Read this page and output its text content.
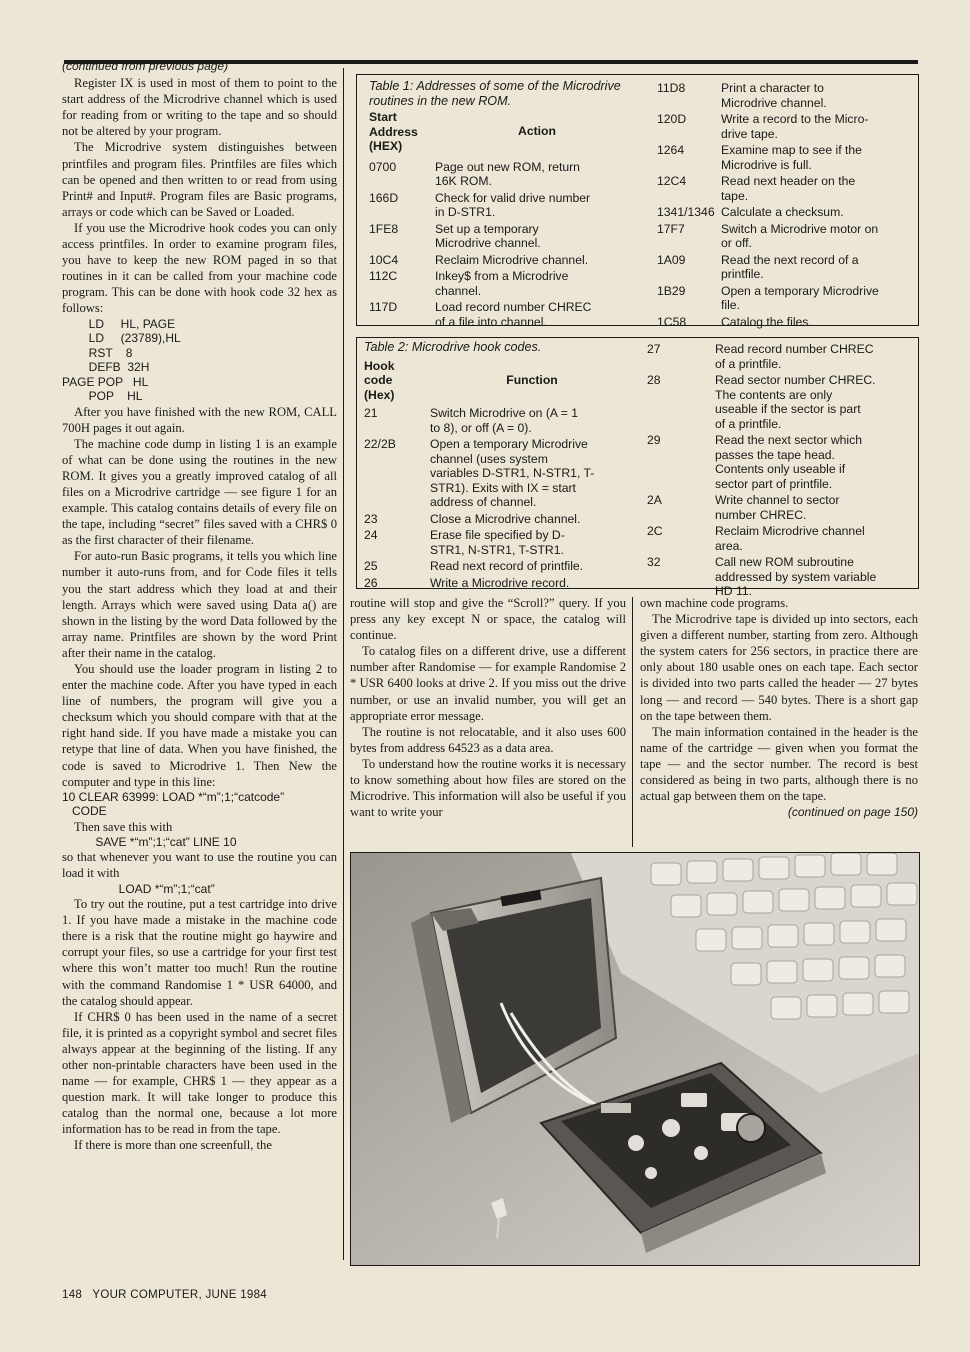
(continued from previous page)

Register IX is used in most of them to point to the start address of the Microdrive channel which is used for reading from or writing to the tape and so should not be altered by your program.

The Microdrive system distinguishes between printfiles and program files. Printfiles are files which can be opened and then written to or read from using Print# and Input#. Program files are Basic programs, arrays or code which can be Saved or Loaded.

If you use the Microdrive hook codes you can only access printfiles. In order to examine program files, you have to keep the new ROM paged in so that routines in it can be called from your machine code program. This can be done with hook code 32 hex as follows:

LD     HL, PAGE
LD     (23789),HL
RST    8
DEFB  32H
PAGE POP   HL
POP    HL

After you have finished with the new ROM, CALL 700H pages it out again.

The machine code dump in listing 1 is an example of what can be done using the routines in the new ROM. It gives you a greatly improved catalog of all files on a Microdrive cartridge — see figure 1 for an example. This catalog contains details of every file on the tape, including “secret” files saved with a CHR$ 0 as the first character of their filename.

For auto-run Basic programs, it tells you which line number it auto-runs from, and for Code files it tells you the start address which they load at and their length. Arrays which were saved using Data a() are shown in the listing by the word Data followed by the array name. Printfiles are shown by the word Print after their name in the catalog.

You should use the loader program in listing 2 to enter the machine code. After you have typed in each line of numbers, the program will give you a checksum which you should compare with that at the right hand side. If you have made a mistake you can retype that line of data. When you have finished, the code is saved to Microdrive 1. Then New the computer and type in this line:

10 CLEAR 63999: LOAD *“m”;1;“catcode”
CODE

Then save this with

SAVE *“m”;1;“cat” LINE 10

so that whenever you want to use the routine you can load it with

LOAD *“m”;1;“cat”

To try out the routine, put a test cartridge into drive 1. If you have made a mistake in the machine code there is a risk that the routine might go haywire and corrupt your files, so use a cartridge for your first test where this won’t matter too much! Run the routine with the command Randomise 1 * USR 64000, and the catalog should appear.

If CHR$ 0 has been used in the name of a secret file, it is printed as a copyright symbol and secret files always appear at the beginning of the listing. If any other non-printable characters have been used in the name — for example, CHR$ 1 — they appear as a question mark. It will take longer to produce this catalog than the normal one, because a lot more information has to be read in from the tape.

If there is more than one screenfull, the

Table 1: Addresses of some of the Microdrive routines in the new ROM.
Start
Address
(HEX)
Action
0700	Page out new ROM, return
16K ROM.
166D	Check for valid drive number
in D-STR1.
1FE8	Set up a temporary
Microdrive channel.
10C4	Reclaim Microdrive channel.
112C	Inkey$ from a Microdrive
channel.
117D	Load record number CHREC
of a file into channel.
11D8	Print a character to
Microdrive channel.
120D	Write a record to the Micro-
drive tape.
1264	Examine map to see if the
Microdrive is full.
12C4	Read next header on the
tape.
1341/1346 Calculate a checksum.
17F7	Switch a Microdrive motor on
or off.
1A09	Read the next record of a
printfile.
1B29	Open a temporary Microdrive
file.
1C58	Catalog the files.
Table 2: Microdrive hook codes.
Hook
code
(Hex)
Function
21	Switch Microdrive on (A = 1
to 8), or off (A = 0).
22/2B	Open a temporary Microdrive
channel (uses system
variables D-STR1, N-STR1, T-
STR1). Exits with IX = start
address of channel.
23	Close a Microdrive channel.
24	Erase file specified by D-
STR1, N-STR1, T-STR1.
25	Read next record of printfile.
26	Write a Microdrive record.
27	Read record number CHREC
of a printfile.
28	Read sector number CHREC.
The contents are only
useable if the sector is part
of a printfile.
29	Read the next sector which
passes the tape head.
Contents only useable if
sector part of printfile.
2A	Write channel to sector
number CHREC.
2C	Reclaim Microdrive channel
area.
32	Call new ROM subroutine
addressed by system variable
HD 11.

routine will stop and give the “Scroll?” query. If you press any key except N or space, the catalog will continue.

To catalog files on a different drive, use a different number after Randomise — for example Randomise 2 * USR 6400 looks at drive 2. If you miss out the drive number, or use an invalid number, you will get an appropriate error message.

The routine is not relocatable, and it also uses 600 bytes from address 64523 as a data area.

To understand how the routine works it is necessary to know something about how files are stored on the Microdrive. This information will also be useful if you want to write your

own machine code programs.

The Microdrive tape is divided up into sectors, each given a different number, starting from zero. Although the system caters for 256 sectors, in practice there are only about 180 usable ones on each tape. Each sector is divided into two parts called the header — 27 bytes long — and record — 540 bytes. There is a short gap on the tape between them.

The main information contained in the header is the name of the cartridge — given when you format the tape — and the sector number. The record is best considered as being in two parts, although there is no actual gap between them on the tape.

(continued on page 150)
148   YOUR COMPUTER, JUNE 1984
